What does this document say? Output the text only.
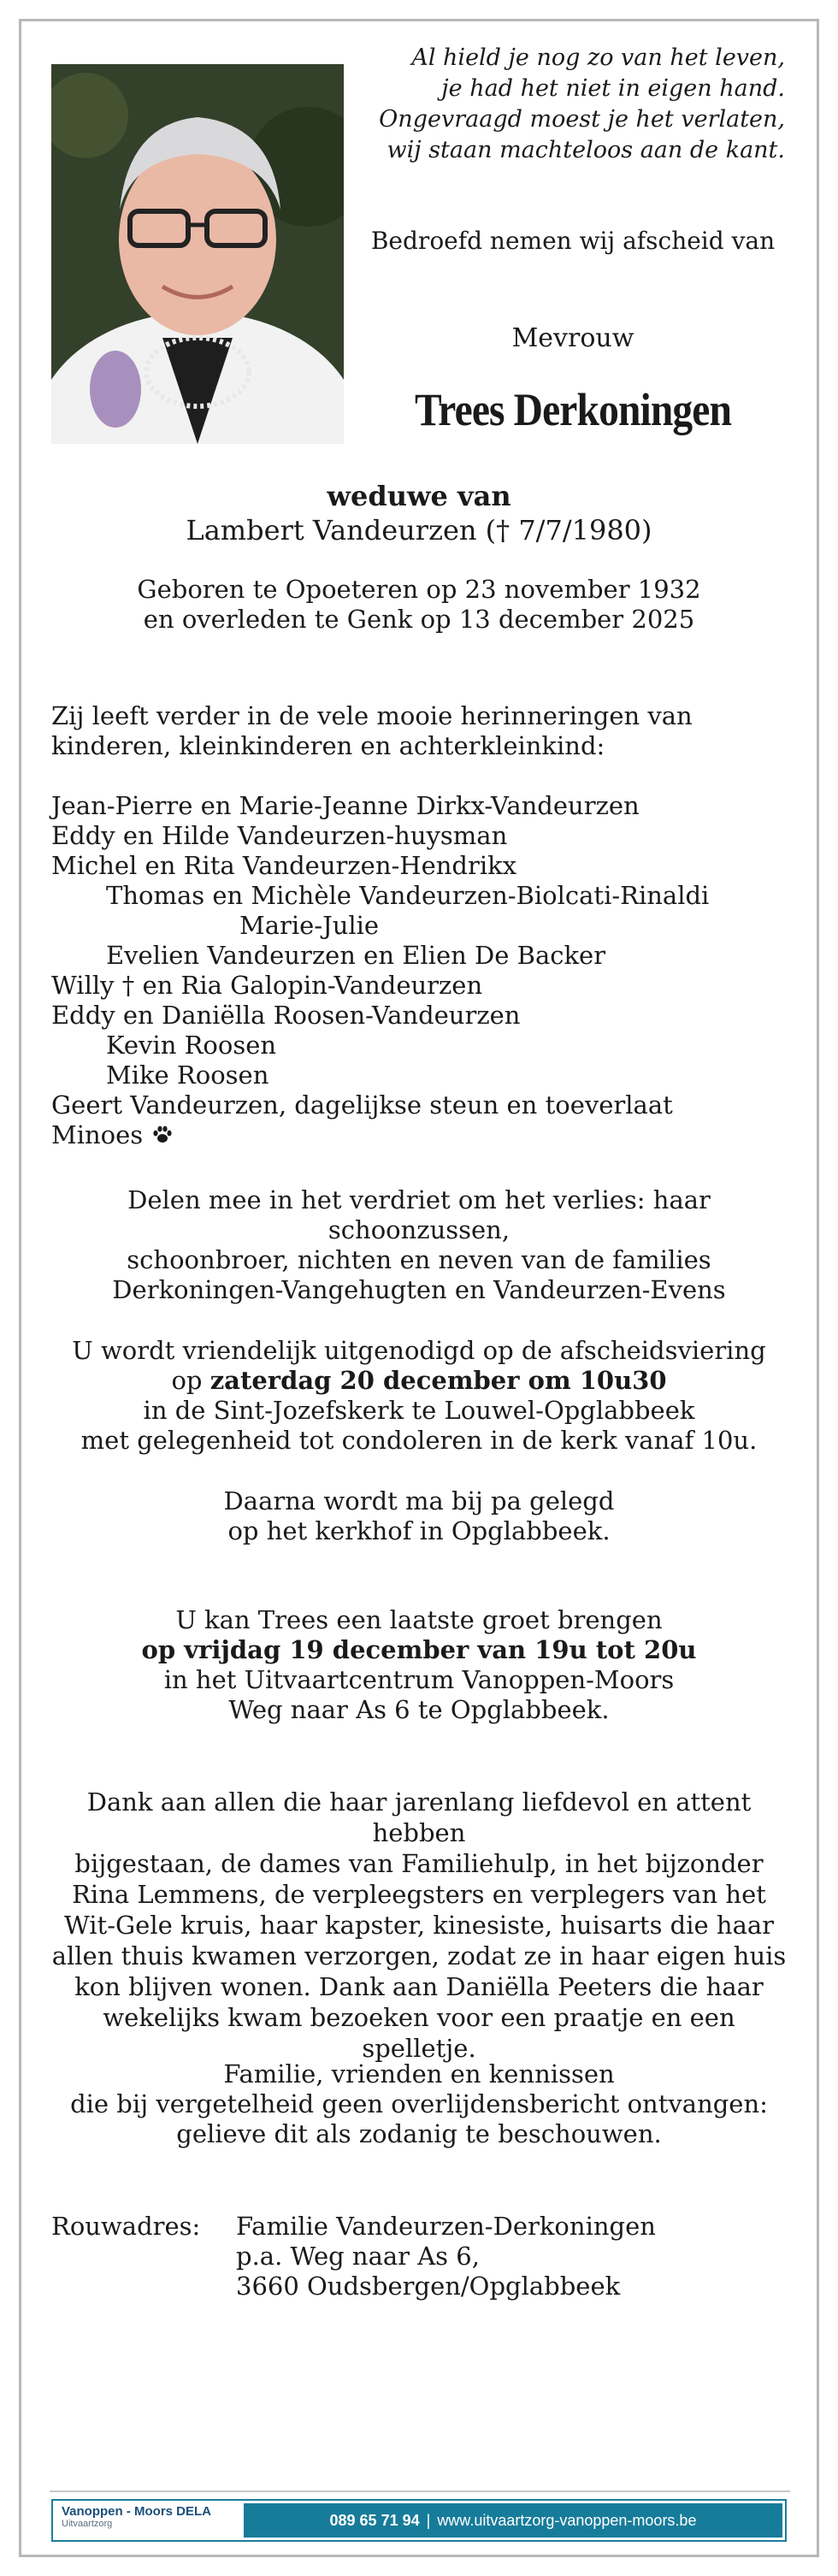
Al hield je nog zo van het leven,
je had het niet in eigen hand.
Ongevraagd moest je het verlaten,
wij staan machteloos aan de kant.
Bedroefd nemen wij afscheid van
Mevrouw
Trees Derkoningen
weduwe van
Lambert Vandeurzen († 7/7/1980)
Geboren te Opoeteren op 23 november 1932
en overleden te Genk op 13 december 2025
Zij leeft verder in de vele mooie herinneringen van
kinderen, kleinkinderen en achterkleinkind:
Jean-Pierre en Marie-Jeanne Dirkx-Vandeurzen
Eddy en Hilde Vandeurzen-huysman
Michel en Rita Vandeurzen-Hendrikx
Thomas en Michèle Vandeurzen-Biolcati-Rinaldi
Marie-Julie
Evelien Vandeurzen en Elien De Backer
Willy † en Ria Galopin-Vandeurzen
Eddy en Daniëlla Roosen-Vandeurzen
Kevin Roosen
Mike Roosen
Geert Vandeurzen, dagelijkse steun en toeverlaat
Minoes
Delen mee in het verdriet om het verlies: haar schoonzussen,
schoonbroer, nichten en neven van de families
Derkoningen-Vangehugten en Vandeurzen-Evens
U wordt vriendelijk uitgenodigd op de afscheidsviering
op zaterdag 20 december om 10u30
in de Sint-Jozefskerk te Louwel-Opglabbeek
met gelegenheid tot condoleren in de kerk vanaf 10u.
Daarna wordt ma bij pa gelegd
op het kerkhof in Opglabbeek.
U kan Trees een laatste groet brengen
op vrijdag 19 december van 19u tot 20u
in het Uitvaartcentrum Vanoppen-Moors
Weg naar As 6 te Opglabbeek.
Dank aan allen die haar jarenlang liefdevol en attent hebben
bijgestaan, de dames van Familiehulp, in het bijzonder
Rina Lemmens, de verpleegsters en verplegers van het
Wit-Gele kruis, haar kapster, kinesiste, huisarts die haar
allen thuis kwamen verzorgen, zodat ze in haar eigen huis
kon blijven wonen. Dank aan Daniëlla Peeters die haar
wekelijks kwam bezoeken voor een praatje en een spelletje.
Familie, vrienden en kennissen
die bij vergetelheid geen overlijdensbericht ontvangen:
gelieve dit als zodanig te beschouwen.
Rouwadres: Familie Vandeurzen-Derkoningen
p.a. Weg naar As 6,
3660 Oudsbergen/Opglabbeek
Vanoppen - Moors DELA
Uitvaartzorg	089 65 71 94 | www.uitvaartzorg-vanoppen-moors.be
